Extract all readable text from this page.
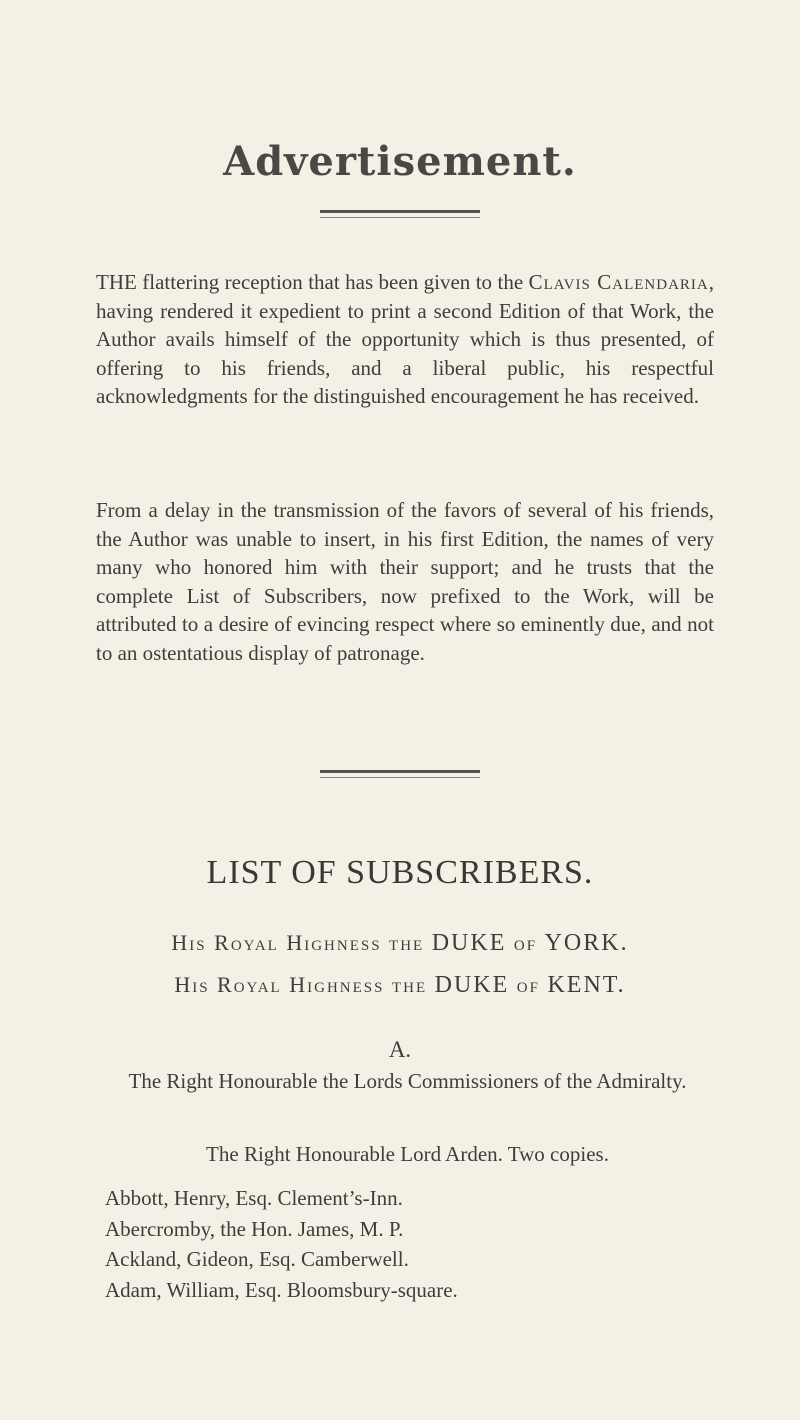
Advertisement.
THE flattering reception that has been given to the Clavis Calendaria, having rendered it expedient to print a second Edition of that Work, the Author avails himself of the opportunity which is thus presented, of offering to his friends, and a liberal public, his respectful acknowledgments for the distinguished encouragement he has received.
From a delay in the transmission of the favors of several of his friends, the Author was unable to insert, in his first Edition, the names of very many who honored him with their support; and he trusts that the complete List of Subscribers, now prefixed to the Work, will be attributed to a desire of evincing respect where so eminently due, and not to an ostentatious display of patronage.
LIST OF SUBSCRIBERS.
His Royal Highness the DUKE of YORK.
His Royal Highness the DUKE of KENT.
A.
The Right Honourable the Lords Commissioners of the Admiralty.
The Right Honourable Lord Arden. Two copies.
Abbott, Henry, Esq. Clement’s-Inn.
Abercromby, the Hon. James, M. P.
Ackland, Gideon, Esq. Camberwell.
Adam, William, Esq. Bloomsbury-square.
